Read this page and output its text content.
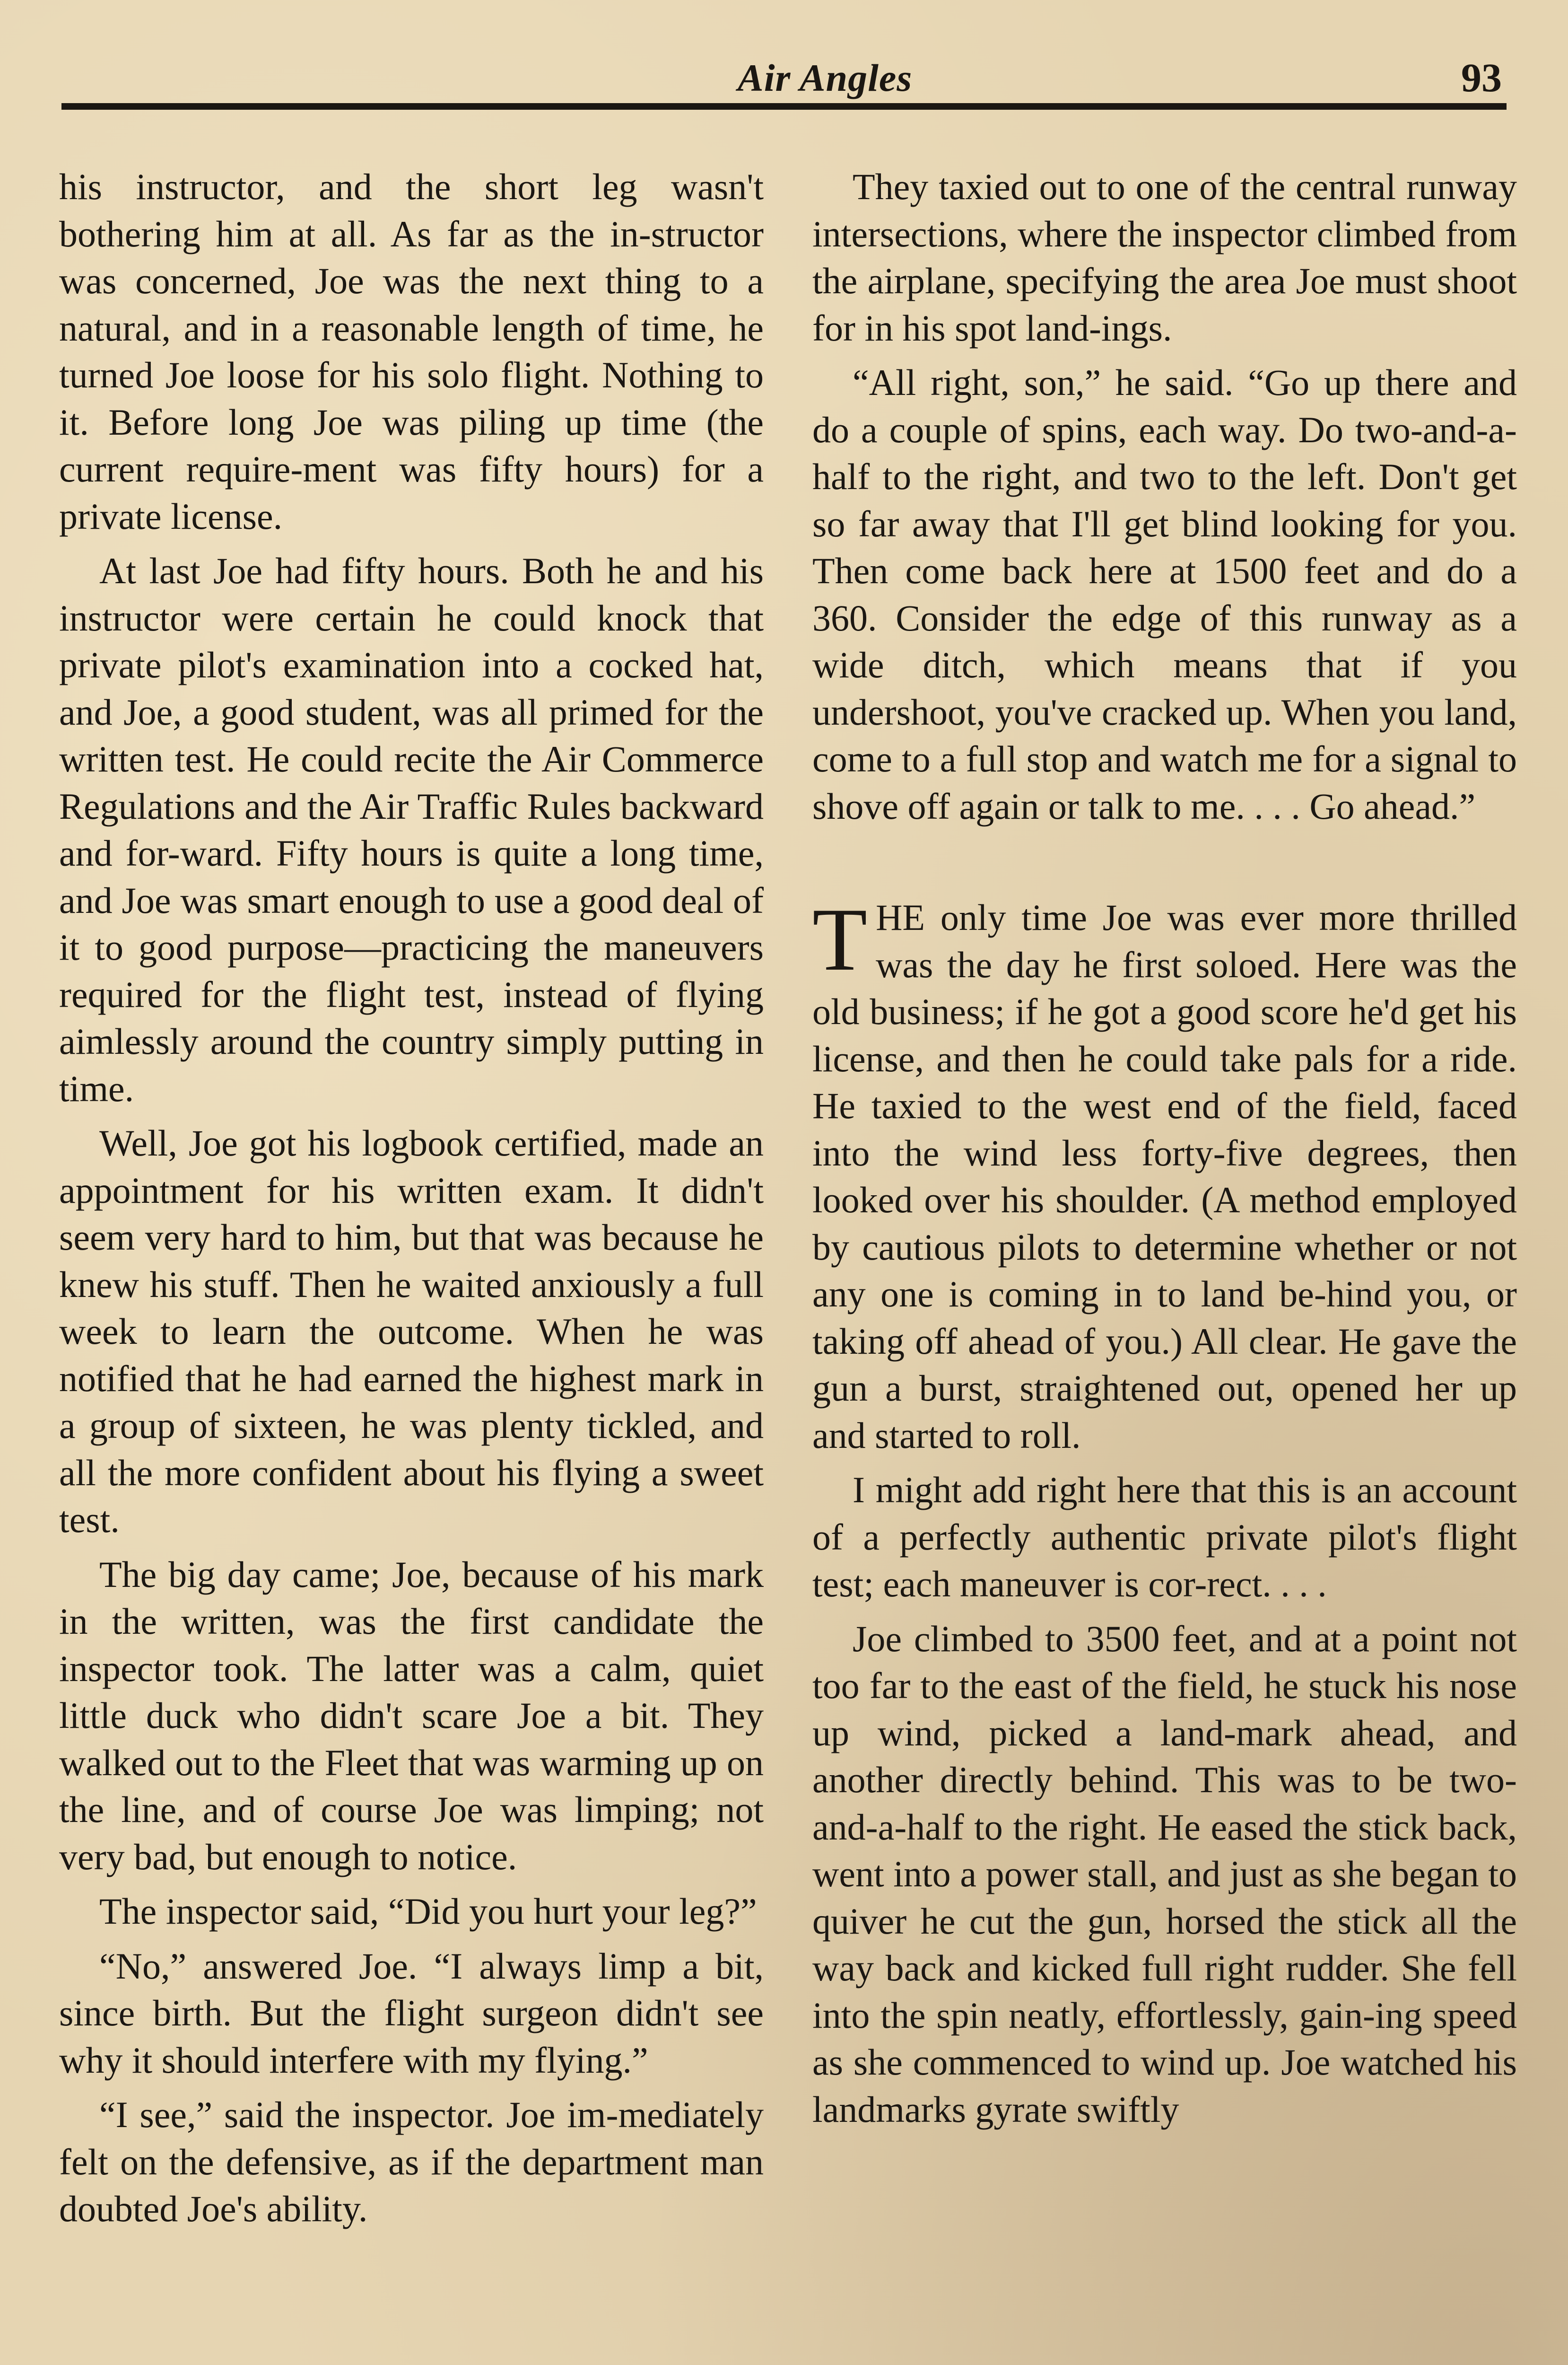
Air Angles	93

his instructor, and the short leg wasn't bothering him at all. As far as the in-structor was concerned, Joe was the next thing to a natural, and in a reasonable length of time, he turned Joe loose for his solo flight. Nothing to it. Before long Joe was piling up time (the current require-ment was fifty hours) for a private license.

At last Joe had fifty hours. Both he and his instructor were certain he could knock that private pilot's examination into a cocked hat, and Joe, a good student, was all primed for the written test. He could recite the Air Commerce Regulations and the Air Traffic Rules backward and for-ward. Fifty hours is quite a long time, and Joe was smart enough to use a good deal of it to good purpose—practicing the maneuvers required for the flight test, instead of flying aimlessly around the country simply putting in time.

Well, Joe got his logbook certified, made an appointment for his written exam. It didn't seem very hard to him, but that was because he knew his stuff. Then he waited anxiously a full week to learn the outcome. When he was notified that he had earned the highest mark in a group of sixteen, he was plenty tickled, and all the more confident about his flying a sweet test.

The big day came; Joe, because of his mark in the written, was the first candidate the inspector took. The latter was a calm, quiet little duck who didn't scare Joe a bit. They walked out to the Fleet that was warming up on the line, and of course Joe was limping; not very bad, but enough to notice.

The inspector said, “Did you hurt your leg?”

“No,” answered Joe. “I always limp a bit, since birth. But the flight surgeon didn't see why it should interfere with my flying.”

“I see,” said the inspector. Joe im-mediately felt on the defensive, as if the department man doubted Joe's ability.

They taxied out to one of the central runway intersections, where the inspector climbed from the airplane, specifying the area Joe must shoot for in his spot land-ings.

“All right, son,” he said. “Go up there and do a couple of spins, each way. Do two-and-a-half to the right, and two to the left. Don't get so far away that I'll get blind looking for you. Then come back here at 1500 feet and do a 360. Consider the edge of this runway as a wide ditch, which means that if you undershoot, you've cracked up. When you land, come to a full stop and watch me for a signal to shove off again or talk to me. . . . Go ahead.”

THE only time Joe was ever more thrilled was the day he first soloed. Here was the old business; if he got a good score he'd get his license, and then he could take pals for a ride. He taxied to the west end of the field, faced into the wind less forty-five degrees, then looked over his shoulder. (A method employed by cautious pilots to determine whether or not any one is coming in to land be-hind you, or taking off ahead of you.) All clear. He gave the gun a burst, straightened out, opened her up and started to roll.

I might add right here that this is an account of a perfectly authentic private pilot's flight test; each maneuver is cor-rect. . . .

Joe climbed to 3500 feet, and at a point not too far to the east of the field, he stuck his nose up wind, picked a land-mark ahead, and another directly behind. This was to be two-and-a-half to the right. He eased the stick back, went into a power stall, and just as she began to quiver he cut the gun, horsed the stick all the way back and kicked full right rudder. She fell into the spin neatly, effortlessly, gain-ing speed as she commenced to wind up. Joe watched his landmarks gyrate swiftly
